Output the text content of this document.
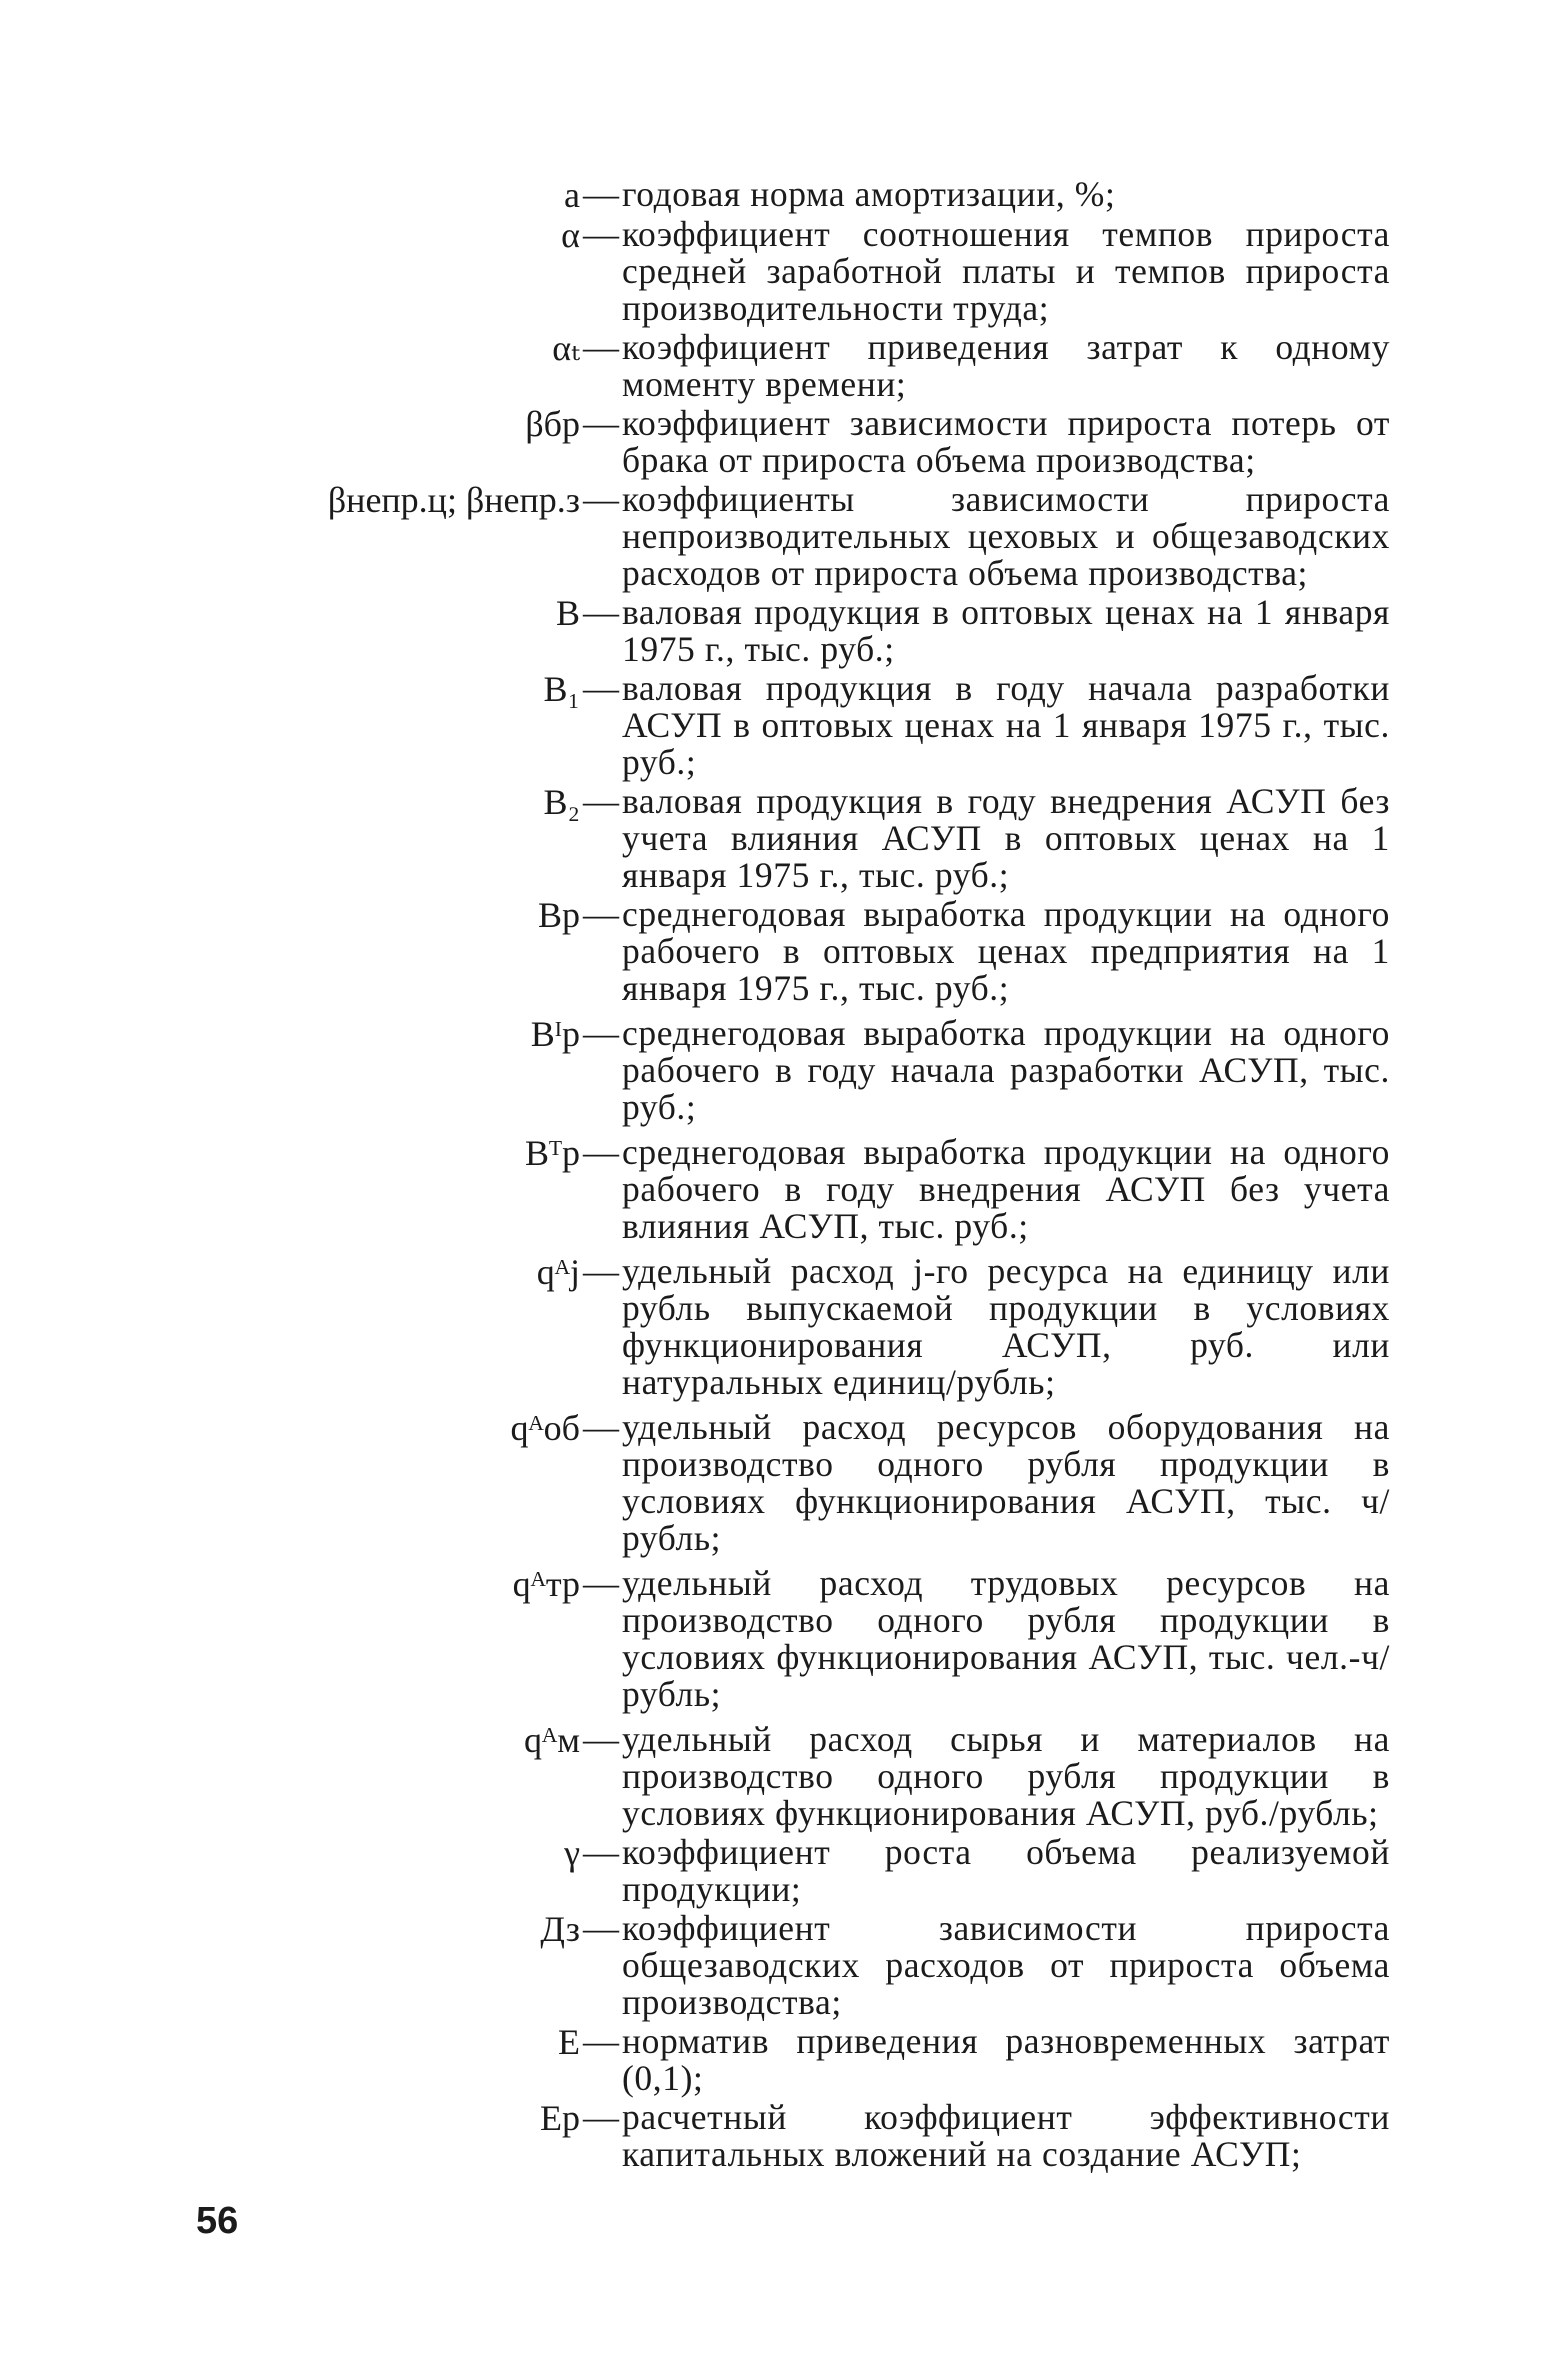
a — годовая норма амортизации, %;
α — коэффициент соотношения темпов прироста средней заработной платы и темпов прироста производительности труда;
αₜ — коэффициент приведения затрат к одному моменту времени;
βбр — коэффициент зависимости прироста потерь от брака от прироста объема производства;
βнепр.ц; βнепр.з — коэффициенты зависимости прироста непроизводительных цеховых и общезаводских расходов от прироста объема производства;
В — валовая продукция в оптовых ценах на 1 января 1975 г., тыс. руб.;
В₁ — валовая продукция в году начала разработки АСУП в оптовых ценах на 1 января 1975 г., тыс. руб.;
В₂ — валовая продукция в году внедрения АСУП без учета влияния АСУП в оптовых ценах на 1 января 1975 г., тыс. руб.;
Вр — среднегодовая выработка продукции на одного рабочего в оптовых ценах предприятия на 1 января 1975 г., тыс. руб.;
Вᴵр — среднегодовая выработка продукции на одного рабочего в году начала разработки АСУП, тыс. руб.;
Вᵀр — среднегодовая выработка продукции на одного рабочего в году внедрения АСУП без учета влияния АСУП, тыс. руб.;
qᴬj — удельный расход j-го ресурса на единицу или рубль выпускаемой продукции в условиях функционирования АСУП, руб. или натуральных единиц/рубль;
qᴬоб — удельный расход ресурсов оборудования на производство одного рубля продукции в условиях функционирования АСУП, тыс. ч/рубль;
qᴬтр — удельный расход трудовых ресурсов на производство одного рубля продукции в условиях функционирования АСУП, тыс. чел.-ч/рубль;
qᴬм — удельный расход сырья и материалов на производство одного рубля продукции в условиях функционирования АСУП, руб./рубль;
γ — коэффициент роста объема реализуемой продукции;
Дз — коэффициент зависимости прироста общезаводских расходов от прироста объема производства;
Е — норматив приведения разновременных затрат (0,1);
Ер — расчетный коэффициент эффективности капитальных вложений на создание АСУП;
56
